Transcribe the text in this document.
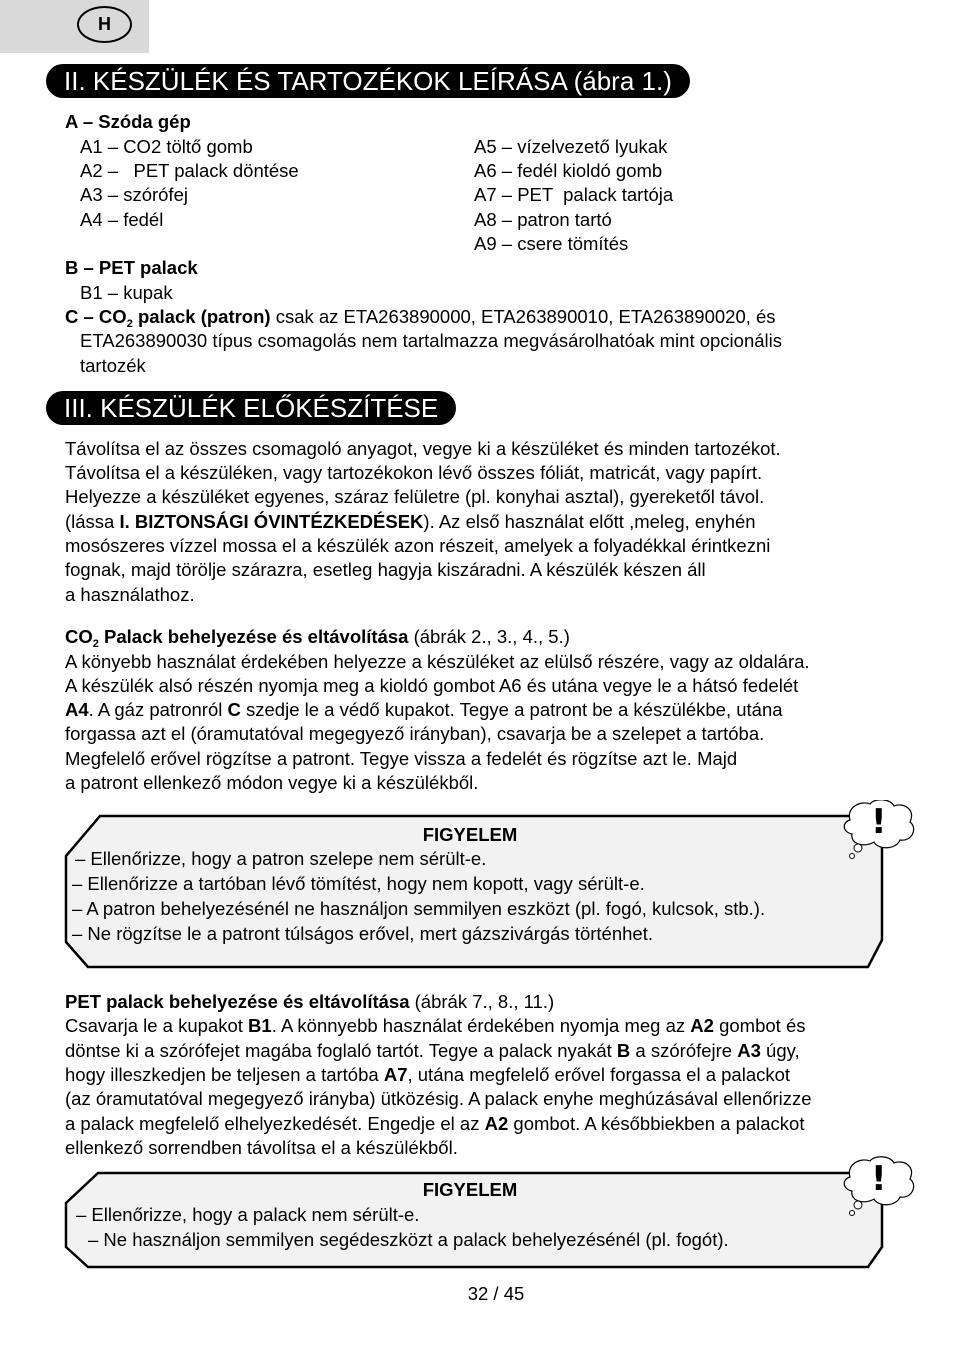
H
II. KÉSZÜLÉK ÉS TARTOZÉKOK LEÍRÁSA (ábra 1.)
A – Szóda gép
A1 – CO2 töltő gomb
A2 –   PET palack döntése
A3 – szórófej
A4 – fedél
A5 – vízelvezető lyukak
A6 – fedél kioldó gomb
A7 – PET  palack tartója
A8 – patron tartó
A9 – csere tömítés
B – PET palack
B1 – kupak
C – $CO_2$ palack (patron) csak az ETA263890000, ETA263890010, ETA263890020, és
ETA263890030 típus csomagolás nem tartalmazza megvásárolhatóak mint opcionális
tartozék
III. KÉSZÜLÉK ELŐKÉSZÍTÉSE
Távolítsa el az összes csomagoló anyagot, vegye ki a készüléket és minden tartozékot.
Távolítsa el a készüléken, vagy tartozékokon lévő összes fóliát, matricát, vagy papírt.
Helyezze a készüléket egyenes, száraz felületre (pl. konyhai asztal), gyereketől távol.
(lássa I. BIZTONSÁGI ÓVINTÉZKEDÉSEK). Az első használat előtt ,meleg, enyhén
mosószeres vízzel mossa el a készülék azon részeit, amelyek a folyadékkal érintkezni
fognak, majd törölje szárazra, esetleg hagyja kiszáradni. A készülék készen áll
a használathoz.
$CO_2$ Palack behelyezése és eltávolítása (ábrák 2., 3., 4., 5.)
A könyebb használat érdekében helyezze a készüléket az elülső részére, vagy az oldalára.
A készülék alsó részén nyomja meg a kioldó gombot A6 és utána vegye le a hátsó fedelét
A4. A gáz patronról C szedje le a védő kupakot. Tegye a patront be a készülékbe, utána
forgassa azt el (óramutatóval megegyező irányban), csavarja be a szelepet a tartóba.
Megfelelő erővel rögzítse a patront. Tegye vissza a fedelét és rögzítse azt le. Majd
a patront ellenkező módon vegye ki a készülékből.
!
FIGYELEM
– Ellenőrizze, hogy a patron szelepe nem sérült-e.
– Ellenőrizze a tartóban lévő tömítést, hogy nem kopott, vagy sérült-e.
– A patron behelyezésénél ne használjon semmilyen eszközt (pl. fogó, kulcsok, stb.).
– Ne rögzítse le a patront túlságos erővel, mert gázszivárgás történhet.
PET palack behelyezése és eltávolítása (ábrák 7., 8., 11.)
Csavarja le a kupakot B1. A könnyebb használat érdekében nyomja meg az A2 gombot és
döntse ki a szórófejet magába foglaló tartót. Tegye a palack nyakát B a szórófejre A3 úgy,
hogy illeszkedjen be teljesen a tartóba A7, utána megfelelő erővel forgassa el a palackot
(az óramutatóval megegyező irányba) ütközésig. A palack enyhe meghúzásával ellenőrizze
a palack megfelelő elhelyezkedését. Engedje el az A2 gombot. A későbbiekben a palackot
ellenkező sorrendben távolítsa el a készülékből.
!
FIGYELEM
– Ellenőrizze, hogy a palack nem sérült-e.
– Ne használjon semmilyen segédeszközt a palack behelyezésénél (pl. fogót).
32 / 45
